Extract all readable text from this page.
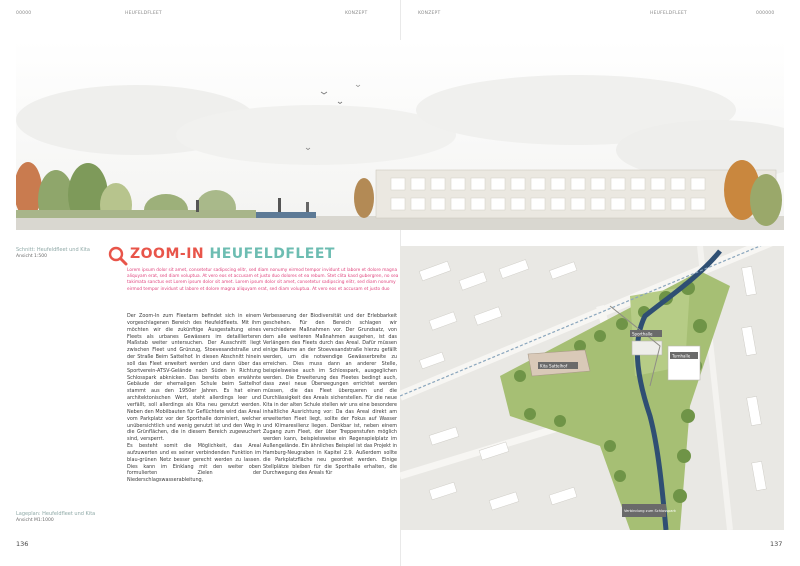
00000	HEUFELDFLEET	KONZEPT	KONZEPT	HEUFELDFLEET	000000
Schnitt: Heufeldfleet und Kita
Ansicht 1:500
Lageplan: Heufeldfleet und Kita
Ansicht M1:1000
ZOOM-IN HEUFELDFLEET
Lorem ipsum dolor sit amet, consetetur sadipscing elitr, sed diam nonumy eirmod tempor invidunt ut labore et dolore magna aliquyam erat, sed diam voluptua. At vero eos et accusam et justo duo dolores et ea rebum. Stet clita kasd gubergren, no sea takimata sanctus est Lorem ipsum dolor sit amet. Lorem ipsum dolor sit amet, consetetur sadipscing elitr, sed diam nonumy eirmod tempor invidunt ut labore et dolore magna aliquyam erat, sed diam voluptua. At vero eos et accusam et justo duo

Der Zoom-In zum Fleetarm befindet sich in einem vorgeschlagenen Bereich des Heufeldfleets. Mit ihm möchten wir die zukünftige Ausgestaltung eines Fleets als urbanes Gewässers im detaillierteren Maßstab weiter untersuchen. Der Ausschnitt liegt zwischen Fleet und Grünzug, Stoevesandstraße und der Straße Beim Sattelhof. In diesen Abschnitt hinein soll das Fleet erweitert werden und dann über das Sportverein-ATSV-Gelände nach Süden in Richtung Schlosspark abknicken. Das bereits oben erwähnte Gebäude der ehemaligen Schule beim Sattelhof stammt aus den 1950er Jahren. Es hat einen architektonischen Wert, steht allerdings leer und verfällt, soll allerdings als Kita neu genutzt werden. Neben den Mobilbauten für Geflüchtete wird das Areal vom Parkplatz vor der Sporthalle dominiert, welcher unübersichtlich und wenig genutzt ist und den Weg in die Grünflächen, die in diesem Bereich zugewuchert sind, versperrt.

Es besteht somit die Möglichkeit, das Areal aufzuwerten und es seiner verbindenden Funktion im blau-grünen Netz besser gerecht werden zu lassen. Dies kann im Einklang mit den weiter oben formulierten Zielen der Niederschlagswasserableitung,

Verbesserung der Biodiversität und der Erlebbarkeit geschehen. Für den Bereich schlagen wir verschiedene Maßnahmen vor. Der Grundsatz, von dem alle weiteren Maßnahmen ausgehen, ist das Verlängern des Fleets durch das Areal. Dafür müssen einige Bäume an der Stoevesandstraße hierzu gefällt werden, um die notwendige Gewässerbreite zu erreichen. Dies muss dann an anderer Stelle, beispielsweise auch im Schlosspark, ausgeglichen werden. Die Erweiterung des Fleetes bedingt auch, dass zwei neue Überwegungen errichtet werden müssen, die das Fleet überqueren und die Durchlässigkeit des Areals sicherstellen. Für die neue Kita in der alten Schule stellen wir uns eine besondere inhaltliche Ausrichtung vor: Da das Areal direkt am erweiterten Fleet liegt, sollte der Fokus auf Wasser und Klimaresilienz liegen. Denkbar ist, neben einem Zugang zum Fleet, der über Treppenstufen möglich werden kann, beispielsweise ein Regenspielplatz im Außengelände. Ein ähnliches Beispiel ist das Projekt in Hamburg-Neugraben in Kapitel 2.9. Außerdem sollte die Parkplatzfläche neu geordnet werden. Einige Stellplätze bleiben für die Sporthalle erhalten, die Durchwegung des Areals für

Kita Sattelhof
Sporthalle
Turnhalle
Verbindung zum Schlosspark
136	137
